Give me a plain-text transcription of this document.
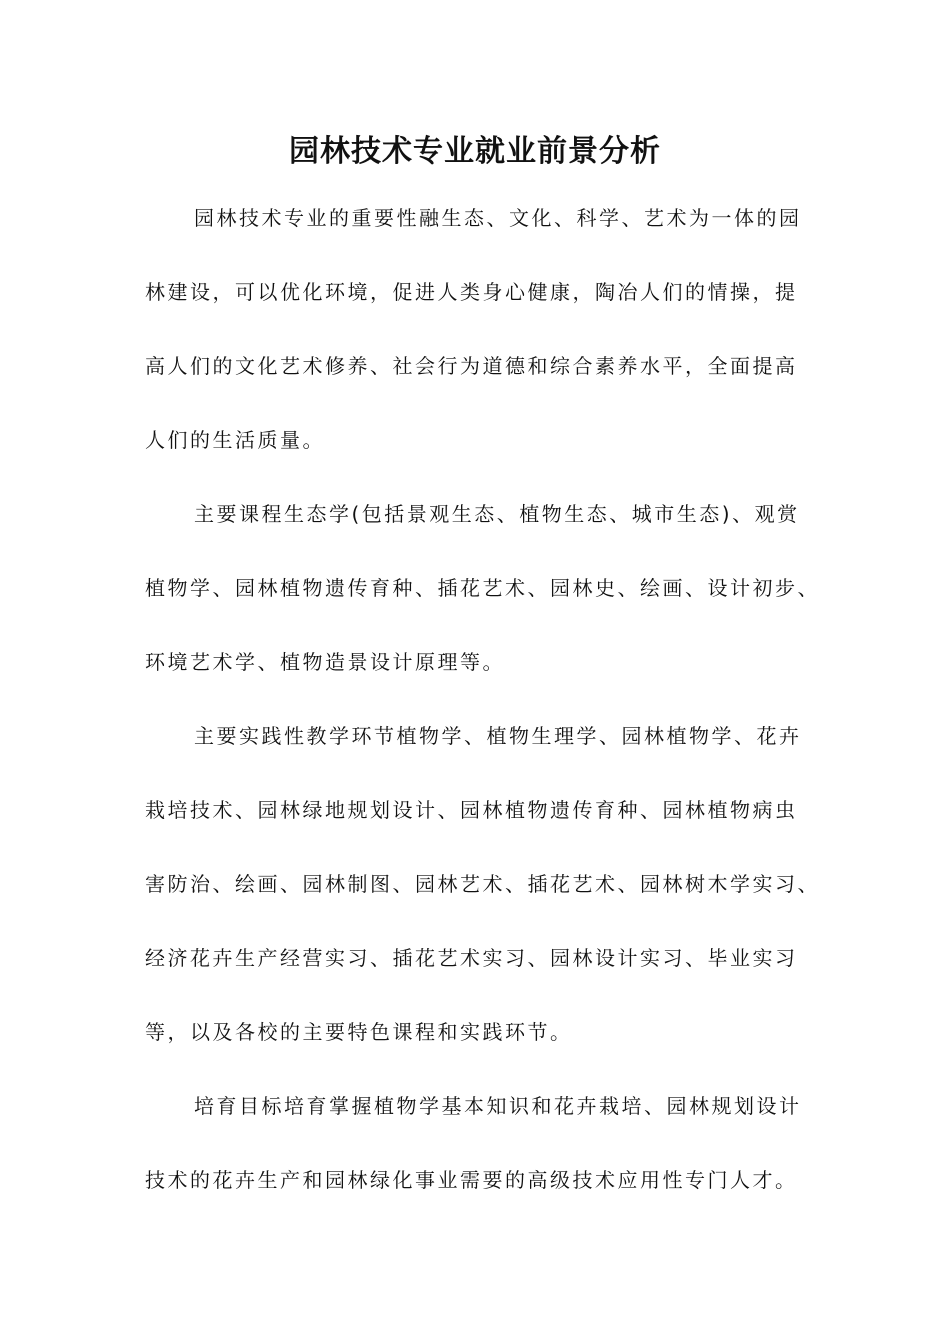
园林技术专业就业前景分析
园林技术专业的重要性融生态、文化、科学、艺术为一体的园
林建设，可以优化环境，促进人类身心健康，陶冶人们的情操，提
高人们的文化艺术修养、社会行为道德和综合素养水平，全面提高
人们的生活质量。
主要课程生态学(包括景观生态、植物生态、城市生态)、观赏
植物学、园林植物遗传育种、插花艺术、园林史、绘画、设计初步、
环境艺术学、植物造景设计原理等。
主要实践性教学环节植物学、植物生理学、园林植物学、花卉
栽培技术、园林绿地规划设计、园林植物遗传育种、园林植物病虫
害防治、绘画、园林制图、园林艺术、插花艺术、园林树木学实习、
经济花卉生产经营实习、插花艺术实习、园林设计实习、毕业实习
等，以及各校的主要特色课程和实践环节。
培育目标培育掌握植物学基本知识和花卉栽培、园林规划设计
技术的花卉生产和园林绿化事业需要的高级技术应用性专门人才。
